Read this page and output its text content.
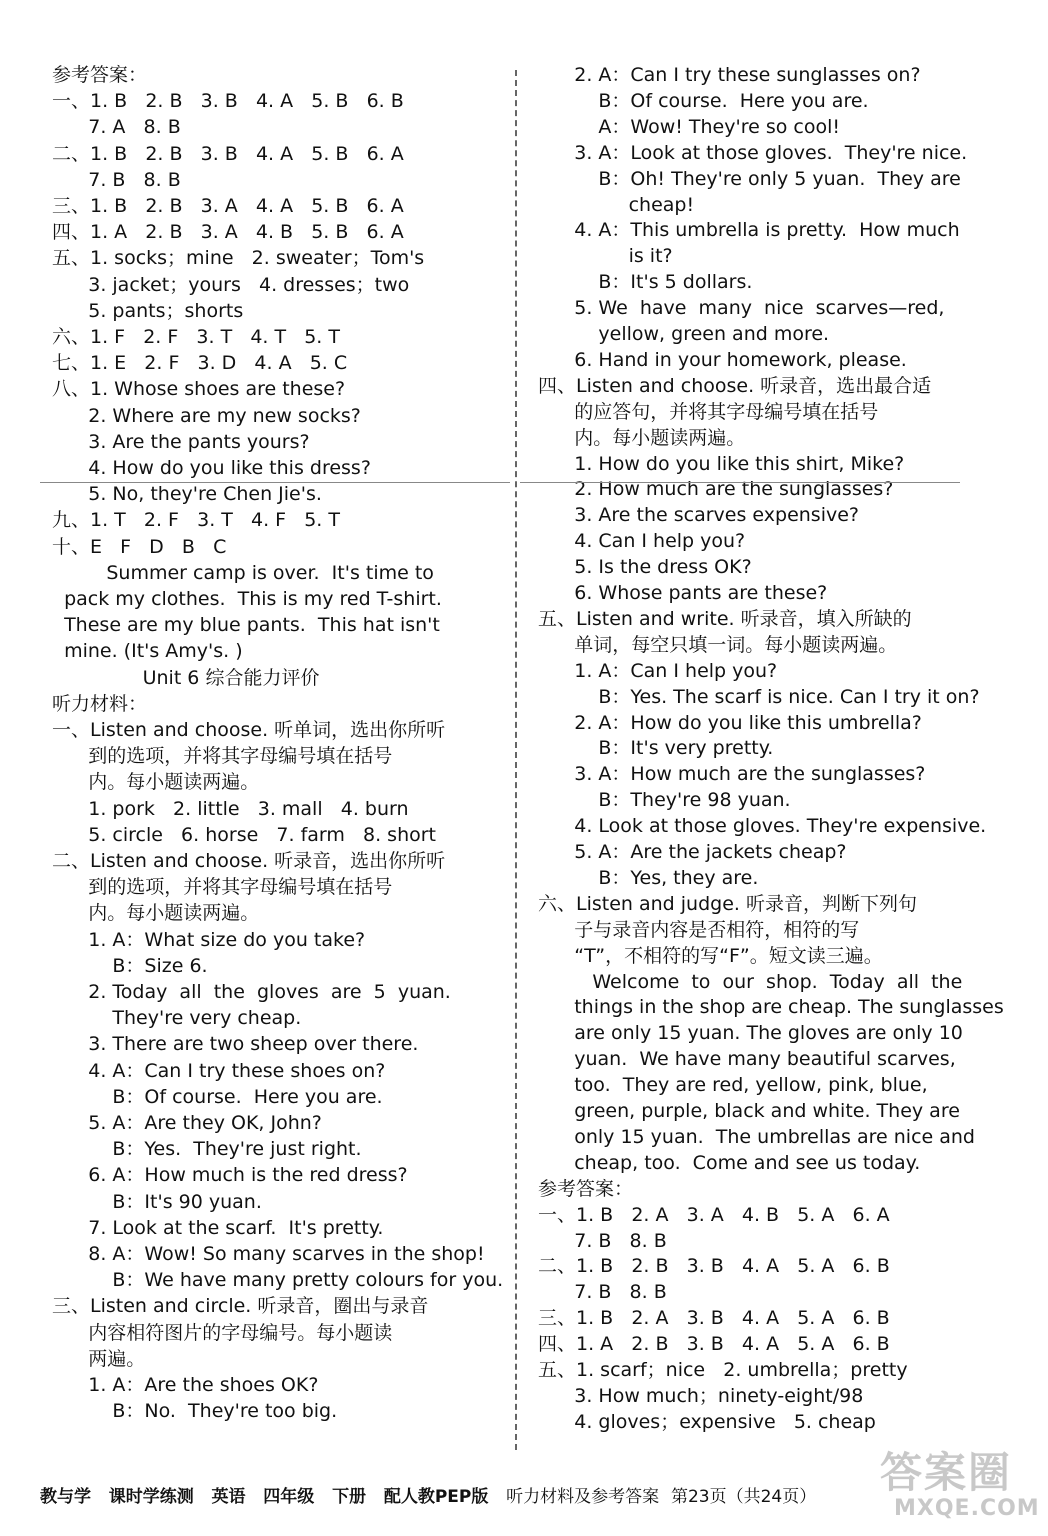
参考答案：
一、1. B   2. B   3. B   4. A   5. B   6. B
7. A   8. B
二、1. B   2. B   3. B   4. A   5. B   6. A
7. B   8. B
三、1. B   2. B   3. A   4. A   5. B   6. A
四、1. A   2. B   3. A   4. B   5. B   6. A
五、1. socks；mine   2. sweater；Tom's
3. jacket；yours   4. dresses；two
5. pants；shorts
六、1. F   2. F   3. T   4. T   5. T
七、1. E   2. F   3. D   4. A   5. C
八、1. Whose shoes are these?
2. Where are my new socks?
3. Are the pants yours?
4. How do you like this dress?
5. No, they're Chen Jie's.
九、1. T   2. F   3. T   4. F   5. T
十、E   F   D   B   C
Summer camp is over.  It's time to
pack my clothes.  This is my red T-shirt.
These are my blue pants.  This hat isn't
mine. (It's Amy's. )
Unit 6 综合能力评价
听力材料：
一、Listen and choose. 听单词，选出你所听
到的选项，并将其字母编号填在括号
内。每小题读两遍。
1. pork   2. little   3. mall   4. burn
5. circle   6. horse   7. farm   8. short
二、Listen and choose. 听录音，选出你所听
到的选项，并将其字母编号填在括号
内。每小题读两遍。
1. A：What size do you take?
B：Size 6.
2. Today  all  the  gloves  are  5  yuan.
They're very cheap.
3. There are two sheep over there.
4. A：Can I try these shoes on?
B：Of course.  Here you are.
5. A：Are they OK, John?
B：Yes.  They're just right.
6. A：How much is the red dress?
B：It's 90 yuan.
7. Look at the scarf.  It's pretty.
8. A：Wow! So many scarves in the shop!
B：We have many pretty colours for you.
三、Listen and circle. 听录音，圈出与录音
内容相符图片的字母编号。每小题读
两遍。
1. A：Are the shoes OK?
B：No.  They're too big.
2. A：Can I try these sunglasses on?
B：Of course.  Here you are.
A：Wow! They're so cool!
3. A：Look at those gloves.  They're nice.
B：Oh! They're only 5 yuan.  They are
cheap!
4. A：This umbrella is pretty.  How much
is it?
B：It's 5 dollars.
5. We  have  many  nice  scarves—red,
yellow, green and more.
6. Hand in your homework, please.
四、Listen and choose. 听录音，选出最合适
的应答句，并将其字母编号填在括号
内。每小题读两遍。
1. How do you like this shirt, Mike?
2. How much are the sunglasses?
3. Are the scarves expensive?
4. Can I help you?
5. Is the dress OK?
6. Whose pants are these?
五、Listen and write. 听录音，填入所缺的
单词，每空只填一词。每小题读两遍。
1. A：Can I help you?
B：Yes. The scarf is nice. Can I try it on?
2. A：How do you like this umbrella?
B：It's very pretty.
3. A：How much are the sunglasses?
B：They're 98 yuan.
4. Look at those gloves. They're expensive.
5. A：Are the jackets cheap?
B：Yes, they are.
六、Listen and judge. 听录音，判断下列句
子与录音内容是否相符，相符的写
“T”，不相符的写“F”。短文读三遍。
Welcome  to  our  shop.  Today  all  the
things in the shop are cheap. The sunglasses
are only 15 yuan. The gloves are only 10
yuan.  We have many beautiful scarves,
too.  They are red, yellow, pink, blue,
green, purple, black and white. They are
only 15 yuan.  The umbrellas are nice and
cheap, too.  Come and see us today.
参考答案：
一、1. B   2. A   3. A   4. B   5. A   6. A
7. B   8. B
二、1. B   2. B   3. B   4. A   5. A   6. B
7. B   8. B
三、1. B   2. A   3. B   4. A   5. A   6. B
四、1. A   2. B   3. B   4. A   5. A   6. B
五、1. scarf；nice   2. umbrella；pretty
3. How much；ninety-eight/98
4. gloves；expensive   5. cheap
教与学 课时学练测 英语 四年级 下册 配人教PEP版 听力材料及参考答案 第23页（共24页）	答案圈
MXQE.COM
